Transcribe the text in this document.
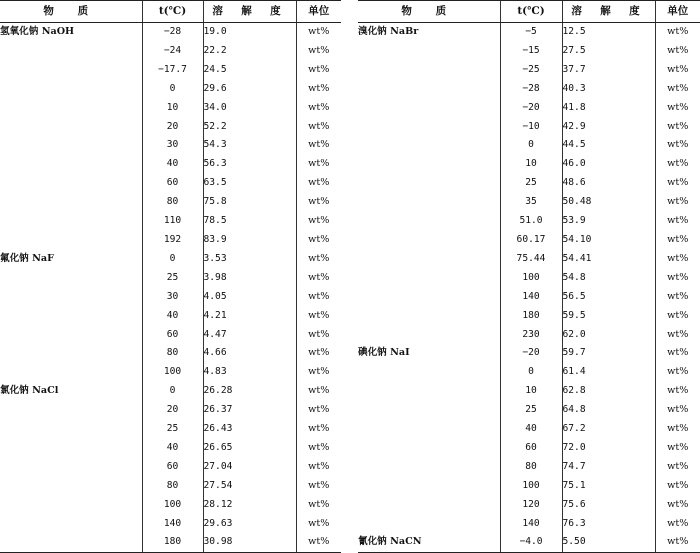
物 质	t(℃)	溶 解 度	单位
氢氧化钠 NaOH	−28	19.0	wt%
	−24	22.2	wt%
	−17.7	24.5	wt%
	0	29.6	wt%
	10	34.0	wt%
	20	52.2	wt%
	30	54.3	wt%
	40	56.3	wt%
	60	63.5	wt%
	80	75.8	wt%
	110	78.5	wt%
	192	83.9	wt%
氟化钠 NaF	0	3.53	wt%
	25	3.98	wt%
	30	4.05	wt%
	40	4.21	wt%
	60	4.47	wt%
	80	4.66	wt%
	100	4.83	wt%
氯化钠 NaCl	0	26.28	wt%
	20	26.37	wt%
	25	26.43	wt%
	40	26.65	wt%
	60	27.04	wt%
	80	27.54	wt%
	100	28.12	wt%
	140	29.63	wt%
	180	30.98	wt%
物 质	t(℃)	溶 解 度	单位
溴化钠 NaBr	−5	12.5	wt%
	−15	27.5	wt%
	−25	37.7	wt%
	−28	40.3	wt%
	−20	41.8	wt%
	−10	42.9	wt%
	0	44.5	wt%
	10	46.0	wt%
	25	48.6	wt%
	35	50.48	wt%
	51.0	53.9	wt%
	60.17	54.10	wt%
	75.44	54.41	wt%
	100	54.8	wt%
	140	56.5	wt%
	180	59.5	wt%
	230	62.0	wt%
碘化钠 NaI	−20	59.7	wt%
	0	61.4	wt%
	10	62.8	wt%
	25	64.8	wt%
	40	67.2	wt%
	60	72.0	wt%
	80	74.7	wt%
	100	75.1	wt%
	120	75.6	wt%
	140	76.3	wt%
氰化钠 NaCN	−4.0	5.50	wt%
